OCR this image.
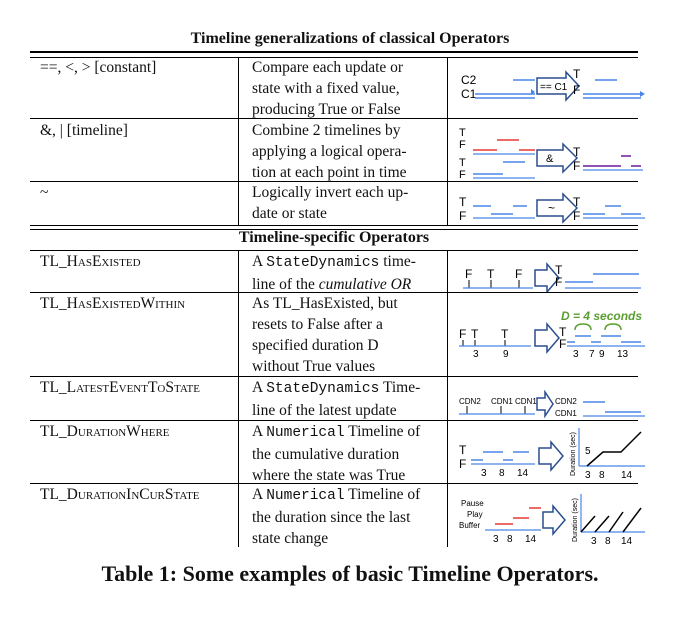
Timeline generalizations of classical Operators
==, <, > [constant]	Compare each update or
state with a fixed value,
producing True or False
&, | [timeline]	Combine 2 timelines by
applying a logical opera-
tion at each point in time
~	Logically invert each up-
date or state
Timeline-specific Operators
TL_HasExisted	A StateDynamics time-
line of the cumulative OR
TL_HasExistedWithin	As TL_HasExisted, but
resets to False after a
specified duration D
without True values
TL_LatestEventToState	A StateDynamics Time-
line of the latest update
TL_DurationWhere	A Numerical Timeline of
the cumulative duration
where the state was True
TL_DurationInCurState	A Numerical Timeline of
the duration since the last
state change
C2
C1	== C1
T
F
T
F
T
F
& T
F
T
F
~ T
F
F T F	T
F
D = 4 seconds
F T T
3 9
T
F
3 7 9 13
CDN2 CDN1 CDN1 CDN2
CDN1
T
F
3 8 14	Duration (sec) 5
3 8 14
Pause
Play
Buffer
3 8 14	Duration (sec) 3 8 14
Table 1: Some examples of basic Timeline Operators.
